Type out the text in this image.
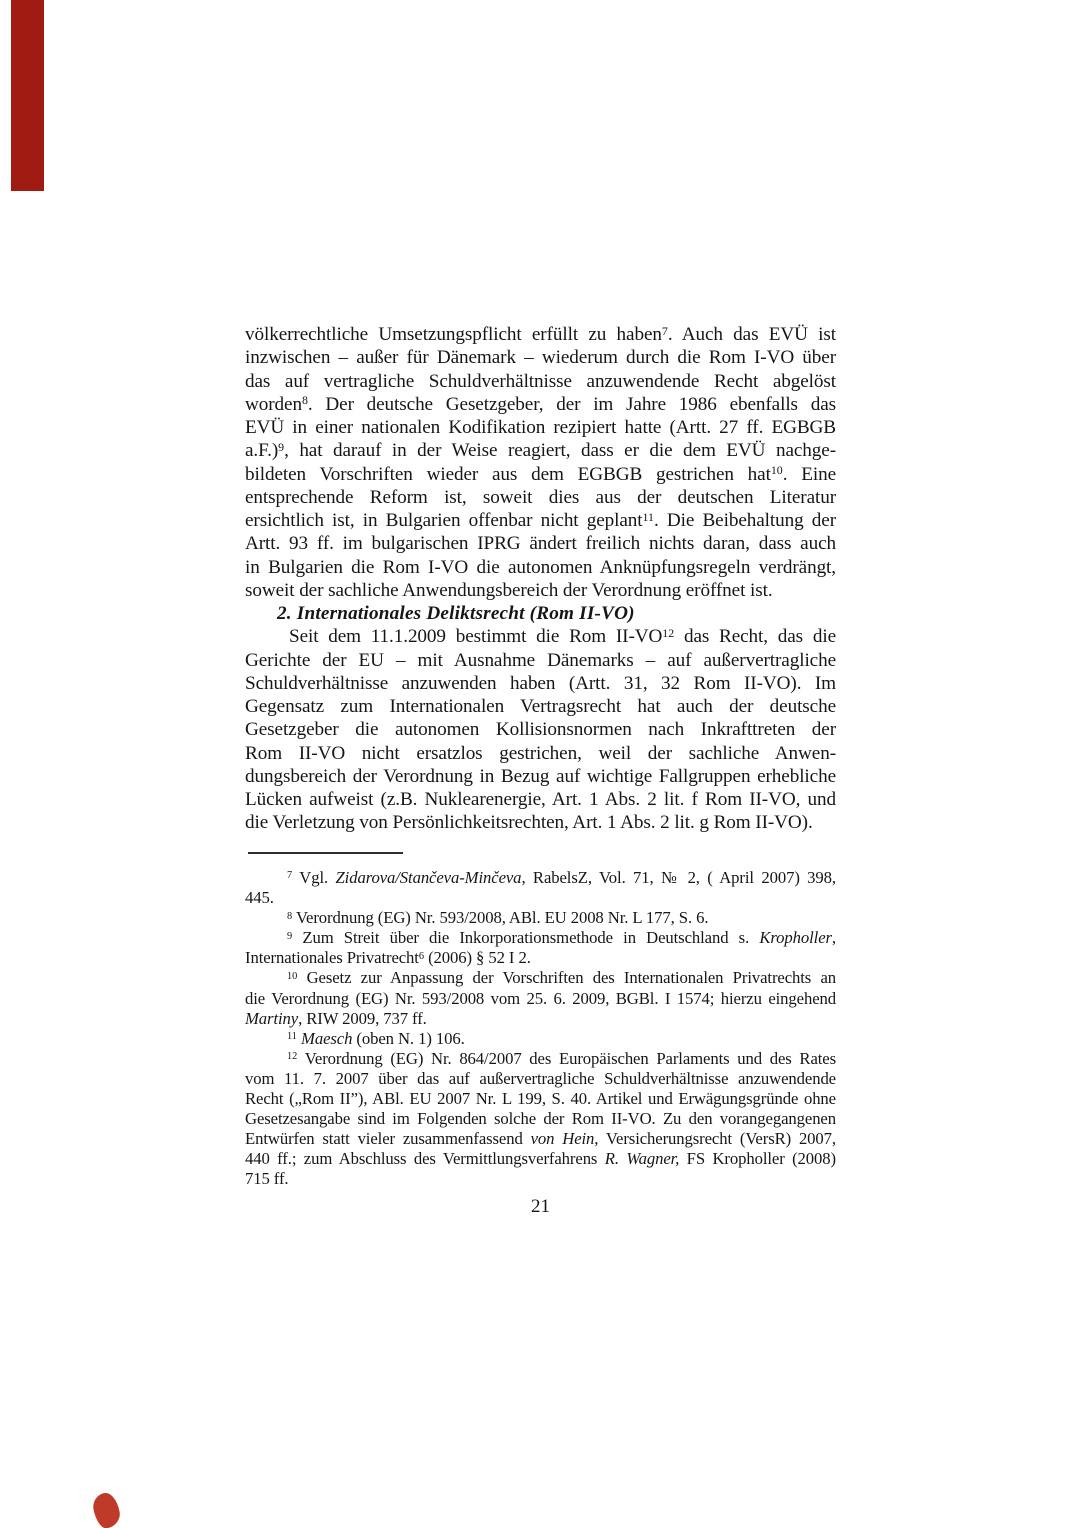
völkerrechtliche Umsetzungspflicht erfüllt zu haben$^7$. Auch das EVÜ ist
inzwischen – außer für Dänemark – wiederum durch die Rom I-VO über
das auf vertragliche Schuldverhältnisse anzuwendende Recht abgelöst
worden$^8$. Der deutsche Gesetzgeber, der im Jahre 1986 ebenfalls das
EVÜ in einer nationalen Kodifikation rezipiert hatte (Artt. 27 ff. EGBGB
a.F.)$^9$, hat darauf in der Weise reagiert, dass er die dem EVÜ nachge-
bildeten Vorschriften wieder aus dem EGBGB gestrichen hat$^{10}$. Eine
entsprechende Reform ist, soweit dies aus der deutschen Literatur
ersichtlich ist, in Bulgarien offenbar nicht geplant$^{11}$. Die Beibehaltung der
Artt. 93 ff. im bulgarischen IPRG ändert freilich nichts daran, dass auch
in Bulgarien die Rom I-VO die autonomen Anknüpfungsregeln verdrängt,
soweit der sachliche Anwendungsbereich der Verordnung eröffnet ist.
2. Internationales Deliktsrecht (Rom II-VO)
Seit dem 11.1.2009 bestimmt die Rom II-VO$^{12}$ das Recht, das die
Gerichte der EU – mit Ausnahme Dänemarks – auf außervertragliche
Schuldverhältnisse anzuwenden haben (Artt. 31, 32 Rom II-VO). Im
Gegensatz zum Internationalen Vertragsrecht hat auch der deutsche
Gesetzgeber die autonomen Kollisionsnormen nach Inkrafttreten der
Rom II-VO nicht ersatzlos gestrichen, weil der sachliche Anwen-
dungsbereich der Verordnung in Bezug auf wichtige Fallgruppen erhebliche
Lücken aufweist (z.B. Nuklearenergie, Art. 1 Abs. 2 lit. f Rom II-VO, und
die Verletzung von Persönlichkeitsrechten, Art. 1 Abs. 2 lit. g Rom II-VO).
$^7$ Vgl. Zidarova/Stančeva-Minčeva, RabelsZ, Vol. 71, № 2, ( April 2007) 398,
445.
$^8$ Verordnung (EG) Nr. 593/2008, ABl. EU 2008 Nr. L 177, S. 6.
$^9$ Zum Streit über die Inkorporationsmethode in Deutschland s. Kropholler,
Internationales Privatrecht$^6$ (2006) § 52 I 2.
$^{10}$ Gesetz zur Anpassung der Vorschriften des Internationalen Privatrechts an
die Verordnung (EG) Nr. 593/2008 vom 25. 6. 2009, BGBl. I 1574; hierzu eingehend
Martiny, RIW 2009, 737 ff.
$^{11}$ Maesch (oben N. 1) 106.
$^{12}$ Verordnung (EG) Nr. 864/2007 des Europäischen Parlaments und des Rates
vom 11. 7. 2007 über das auf außervertragliche Schuldverhältnisse anzuwendende
Recht („Rom II”), ABl. EU 2007 Nr. L 199, S. 40. Artikel und Erwägungsgründe ohne
Gesetzesangabe sind im Folgenden solche der Rom II-VO. Zu den vorangegangenen
Entwürfen statt vieler zusammenfassend von Hein, Versicherungsrecht (VersR) 2007,
440 ff.; zum Abschluss des Vermittlungsverfahrens R. Wagner, FS Kropholler (2008)
715 ff.
21
